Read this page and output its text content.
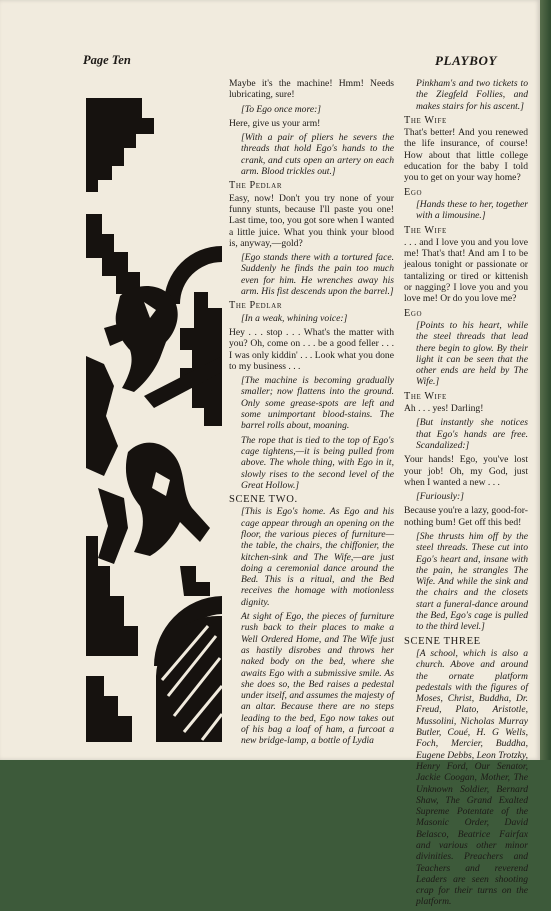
Page Ten	PLAYBOY

Maybe it's the machine! Hmm! Needs lubricating, sure!

[To Ego once more:]

Here, give us your arm!

[With a pair of pliers he severs the threads that hold Ego's hands to the crank, and cuts open an artery on each arm. Blood trickles out.]

The Pedlar

Easy, now! Don't you try none of your funny stunts, because I'll paste you one! Last time, too, you got sore when I wanted a little juice. What you think your blood is, anyway,—gold?

[Ego stands there with a tortured face. Suddenly he finds the pain too much even for him. He wrenches away his arm. His fist descends upon the barrel.]

The Pedlar

[In a weak, whining voice:]

Hey . . . stop . . . What's the matter with you? Oh, come on . . . be a good feller . . . I was only kiddin' . . . Look what you done to my business . . .

[The machine is becoming gradually smaller; now flattens into the ground. Only some grease-spots are left and some unimportant blood-stains. The barrel rolls about, moaning.

The rope that is tied to the top of Ego's cage tightens,—it is being pulled from above. The whole thing, with Ego in it, slowly rises to the second level of the Great Hollow.]

SCENE TWO.

[This is Ego's home. As Ego and his cage appear through an opening on the floor, the various pieces of furniture—the table, the chairs, the chiffonier, the kitchen-sink and The Wife,—are just doing a ceremonial dance around the Bed. This is a ritual, and the Bed receives the homage with motionless dignity.

At sight of Ego, the pieces of furniture rush back to their places to make a Well Ordered Home, and The Wife just as hastily disrobes and throws her naked body on the bed, where she awaits Ego with a submissive smile. As she does so, the Bed raises a pedestal under itself, and assumes the majesty of an altar. Because there are no steps leading to the bed, Ego now takes out of his bag a loaf of ham, a furcoat a new bridge-lamp, a bottle of Lydia

Pinkham's and two tickets to the Ziegfeld Follies, and makes stairs for his ascent.]

The Wife

That's better! And you renewed the life insurance, of course! How about that little college education for the baby I told you to get on your way home?

Ego

[Hands these to her, together with a limousine.]

The Wife

. . . and I love you and you love me! That's that! And am I to be jealous tonight or passionate or tantalizing or tired or kittenish or nagging? I love you and you love me! Or do you love me?

Ego

[Points to his heart, while the steel threads that lead there begin to glow. By their light it can be seen that the other ends are held by The Wife.]

The Wife

Ah . . . yes! Darling!

[But instantly she notices that Ego's hands are free. Scandalized:]

Your hands! Ego, you've lost your job! Oh, my God, just when I wanted a new . . .

[Furiously:]

Because you're a lazy, good-for-nothing bum! Get off this bed!

[She thrusts him off by the steel threads. These cut into Ego's heart and, insane with the pain, he strangles The Wife. And while the sink and the chairs and the closets start a funeral-dance around the Bed, Ego's cage is pulled to the third level.]

SCENE THREE

[A school, which is also a church. Above and around the ornate platform pedestals with the figures of Moses, Christ, Buddha, Dr. Freud, Plato, Aristotle, Mussolini, Nicholas Murray Butler, Coué, H. G Wells, Foch, Mercier, Buddha, Eugene Debbs, Leon Trotzky, Henry Ford, Our Senator, Jackie Coogan, Mother, The Unknown Soldier, Bernard Shaw, The Grand Exalted Supreme Potentate of the Masonic Order, David Belasco, Beatrice Fairfax and various other minor divinities. Preachers and Teachers and reverend Leaders are seen shooting crap for their turns on the platform.
